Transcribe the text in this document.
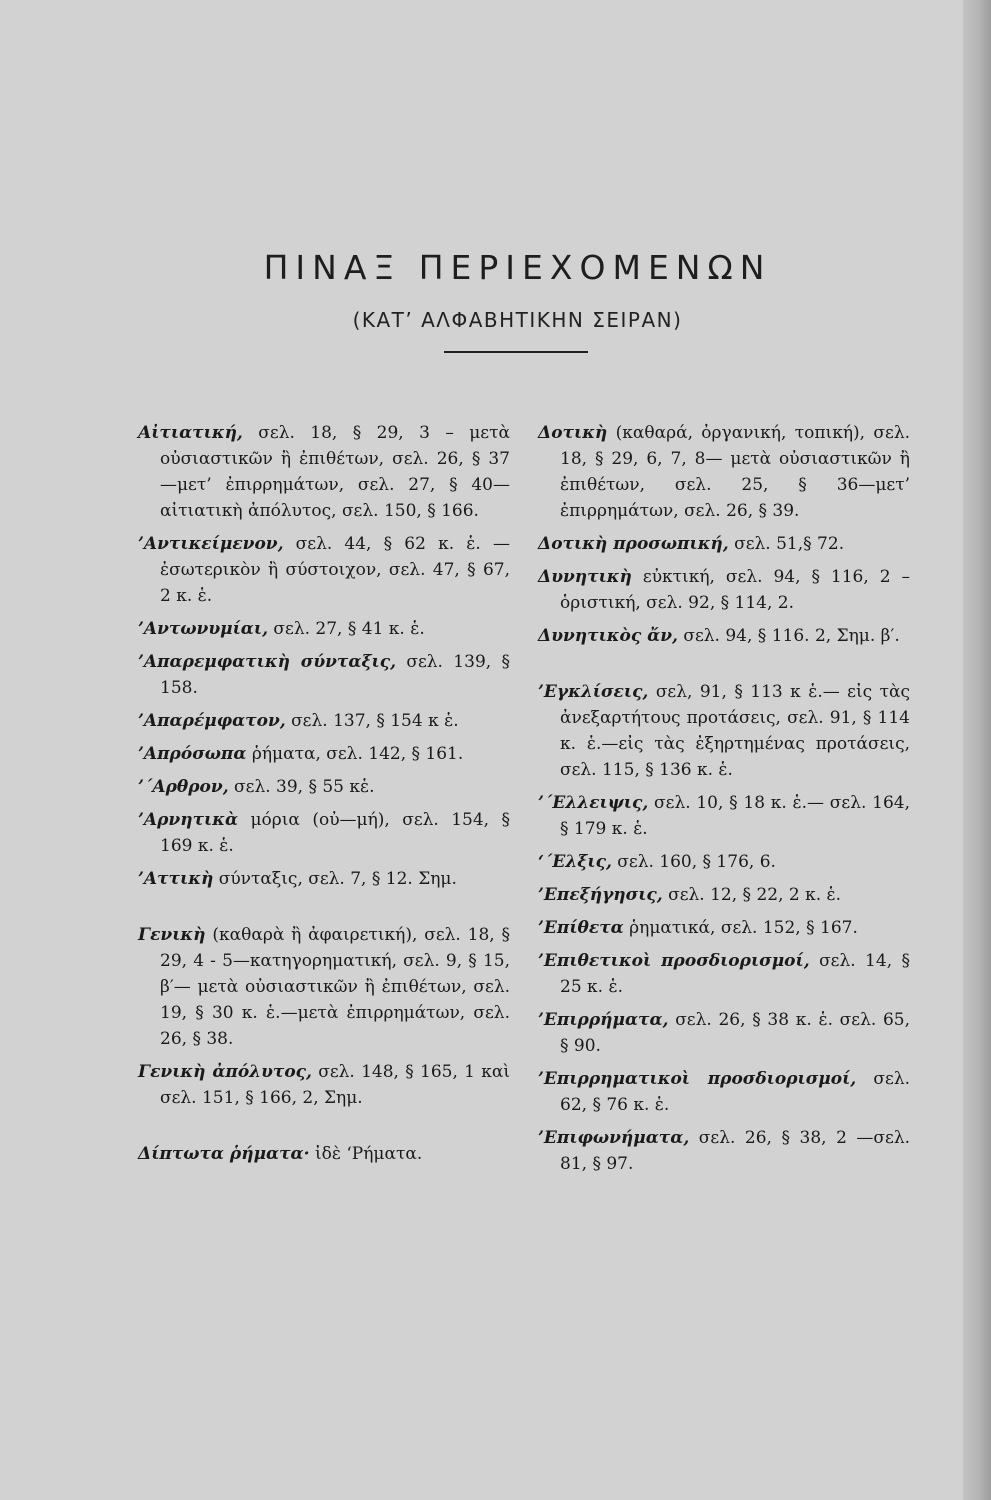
ΠΙΝΑΞ ΠΕΡΙΕΧΟΜΕΝΩΝ
(ΚΑΤ’ ΑΛΦΑΒΗΤΙΚΗΝ ΣΕΙΡΑΝ)
Αἰτιατική, σελ. 18, § 29, 3 – μετὰ οὐσιαστικῶν ἢ ἐπιθέτων, σελ. 26, § 37—μετ’ ἐπιρρημάτων, σελ. 27, § 40—αἰτιατικὴ ἀπόλυτος, σελ. 150, § 166.
’Αντικείμενον, σελ. 44, § 62 κ. ἑ. —ἐσωτερικὸν ἢ σύστοιχον, σελ. 47, § 67, 2 κ. ἑ.
’Αντωνυμίαι, σελ. 27, § 41 κ. ἑ.
’Απαρεμφατικὴ σύνταξις, σελ. 139, § 158.
’Απαρέμφατον, σελ. 137, § 154 κ ἑ.
’Απρόσωπα ῥήματα, σελ. 142, § 161.
’´Αρθρον, σελ. 39, § 55 κἑ.
’Αρνητικὰ μόρια (οὐ—μή), σελ. 154, § 169 κ. ἑ.
’Αττικὴ σύνταξις, σελ. 7, § 12. Σημ.
Γενικὴ (καθαρὰ ἢ ἀφαιρετική), σελ. 18, § 29, 4 - 5—κατηγορηματική, σελ. 9, § 15, β′— μετὰ οὐσιαστικῶν ἢ ἐπιθέτων, σελ. 19, § 30 κ. ἑ.—μετὰ ἐπιρρημάτων, σελ. 26, § 38.
Γενικὴ ἀπόλυτος, σελ. 148, § 165, 1 καὶ σελ. 151, § 166, 2, Σημ.
Δίπτωτα ῥήματα· ἰδὲ ‘Ρήματα.
Δοτικὴ (καθαρά, ὀργανική, τοπική), σελ. 18, § 29, 6, 7, 8— μετὰ οὐσιαστικῶν ἢ ἐπιθέτων, σελ. 25, § 36—μετ’ ἐπιρρημάτων, σελ. 26, § 39.
Δοτικὴ προσωπική, σελ. 51,§ 72.
Δυνητικὴ εὐκτική, σελ. 94, § 116, 2 – ὁριστική, σελ. 92, § 114, 2.
Δυνητικὸς ἄν, σελ. 94, § 116. 2, Σημ. β′.
’Εγκλίσεις, σελ, 91, § 113 κ ἑ.— εἰς τὰς ἀνεξαρτήτους προτάσεις, σελ. 91, § 114 κ. ἑ.—εἰς τὰς ἐξηρτημένας προτάσεις, σελ. 115, § 136 κ. ἑ.
’´Ελλειψις, σελ. 10, § 18 κ. ἑ.— σελ. 164, § 179 κ. ἑ.
‘´Ελξις, σελ. 160, § 176, 6.
’Επεξήγησις, σελ. 12, § 22, 2 κ. ἑ.
’Επίθετα ῥηματικά, σελ. 152, § 167.
’Επιθετικοὶ προσδιορισμοί, σελ. 14, § 25 κ. ἑ.
’Επιρρήματα, σελ. 26, § 38 κ. ἑ. σελ. 65, § 90.
’Επιρρηματικοὶ προσδιορισμοί, σελ. 62, § 76 κ. ἑ.
’Επιφωνήματα, σελ. 26, § 38, 2 —σελ. 81, § 97.
